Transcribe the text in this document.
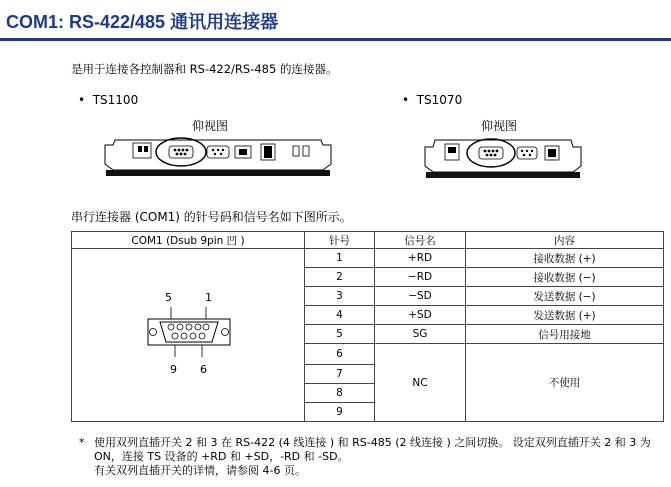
COM1: RS-422/485 通讯用连接器
是用于连接各控制器和 RS-422/RS-485 的连接器。
•  TS1100
仰视图
•  TS1070
仰视图
串行连接器 (COM1) 的针号码和信号名如下图所示。
COM1 (Dsub 9pin 凹 )	针号	信号名	内容

5 1
9 6	1	+RD	接收数据 (+)
	2	−RD	接收数据 (−)
	3	−SD	发送数据 (−)
	4	+SD	发送数据 (+)
	5	SG	信号用接地
	6	NC	不使用
	7		
	8		
	9		
* 使用双列直插开关 2 和 3 在 RS-422 (4 线连接 ) 和 RS-485 (2 线连接 ) 之间切换。 设定双列直插开关 2 和 3 为
ON，连接 TS 设备的 +RD 和 +SD，-RD 和 -SD。
有关双列直插开关的详情，请参阅 4-6 页。
